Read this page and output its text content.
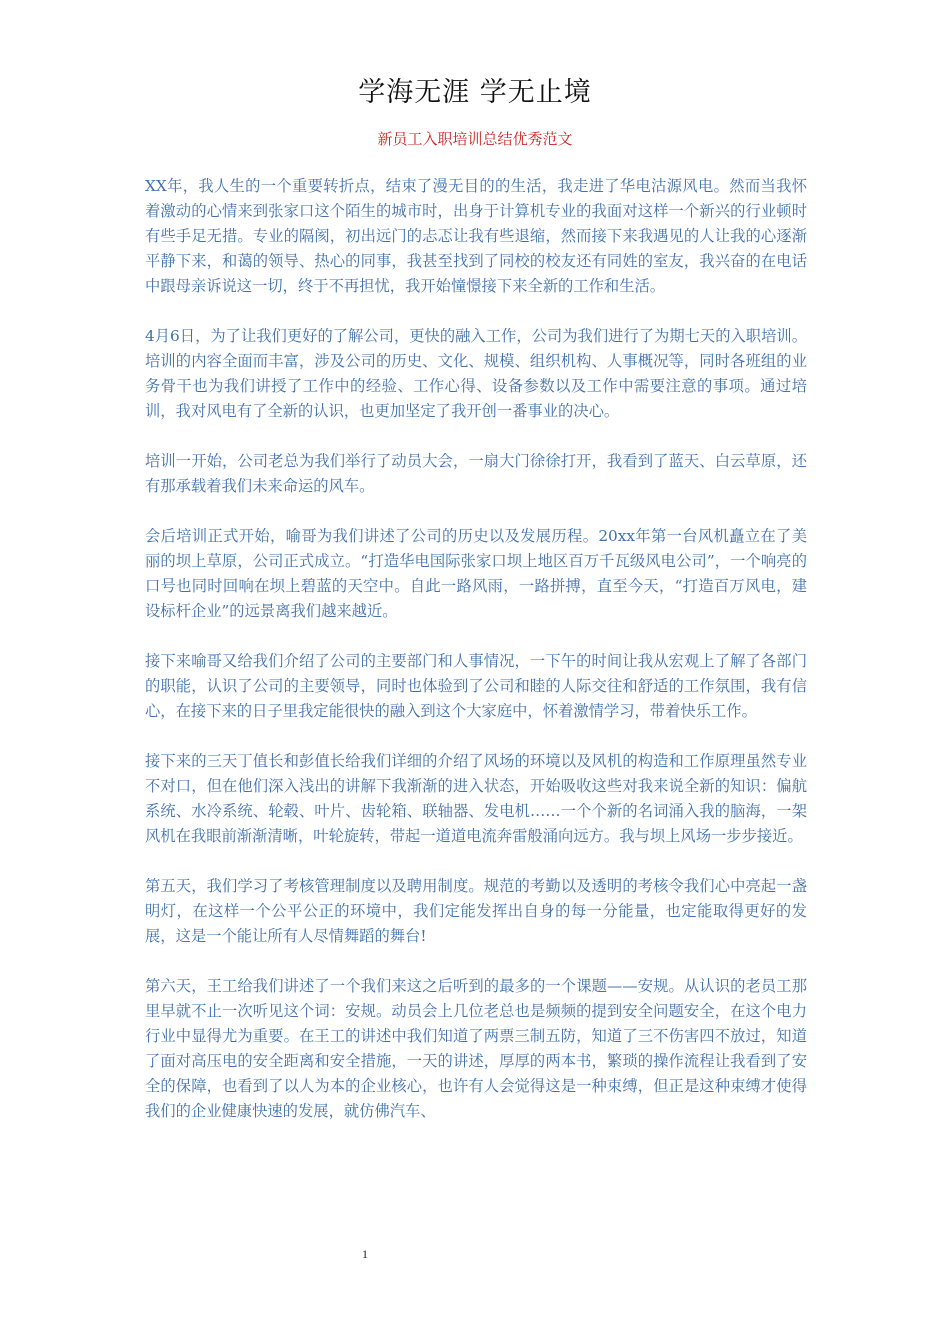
学海无涯 学无止境
新员工入职培训总结优秀范文

XX年，我人生的一个重要转折点，结束了漫无目的的生活，我走进了华电沽源风电。然而当我怀着激动的心情来到张家口这个陌生的城市时，出身于计算机专业的我面对这样一个新兴的行业顿时有些手足无措。专业的隔阂，初出远门的忐忑让我有些退缩，然而接下来我遇见的人让我的心逐渐平静下来，和蔼的领导、热心的同事，我甚至找到了同校的校友还有同姓的室友，我兴奋的在电话中跟母亲诉说这一切，终于不再担忧，我开始憧憬接下来全新的工作和生活。

4月6日，为了让我们更好的了解公司，更快的融入工作，公司为我们进行了为期七天的入职培训。培训的内容全面而丰富，涉及公司的历史、文化、规模、组织机构、人事概况等，同时各班组的业务骨干也为我们讲授了工作中的经验、工作心得、设备参数以及工作中需要注意的事项。通过培训，我对风电有了全新的认识，也更加坚定了我开创一番事业的决心。

培训一开始，公司老总为我们举行了动员大会，一扇大门徐徐打开，我看到了蓝天、白云草原，还有那承载着我们未来命运的风车。

会后培训正式开始，喻哥为我们讲述了公司的历史以及发展历程。20xx年第一台风机矗立在了美丽的坝上草原，公司正式成立。“打造华电国际张家口坝上地区百万千瓦级风电公司”，一个响亮的口号也同时回响在坝上碧蓝的天空中。自此一路风雨，一路拼搏，直至今天，“打造百万风电，建设标杆企业”的远景离我们越来越近。

接下来喻哥又给我们介绍了公司的主要部门和人事情况，一下午的时间让我从宏观上了解了各部门的职能，认识了公司的主要领导，同时也体验到了公司和睦的人际交往和舒适的工作氛围，我有信心，在接下来的日子里我定能很快的融入到这个大家庭中，怀着激情学习，带着快乐工作。

接下来的三天丁值长和彭值长给我们详细的介绍了风场的环境以及风机的构造和工作原理虽然专业不对口，但在他们深入浅出的讲解下我渐渐的进入状态，开始吸收这些对我来说全新的知识：偏航系统、水冷系统、轮毂、叶片、齿轮箱、联轴器、发电机……一个个新的名词涌入我的脑海，一架风机在我眼前渐渐清晰，叶轮旋转，带起一道道电流奔雷般涌向远方。我与坝上风场一步步接近。

第五天，我们学习了考核管理制度以及聘用制度。规范的考勤以及透明的考核令我们心中亮起一盏明灯，在这样一个公平公正的环境中，我们定能发挥出自身的每一分能量，也定能取得更好的发展，这是一个能让所有人尽情舞蹈的舞台!

第六天，王工给我们讲述了一个我们来这之后听到的最多的一个课题——安规。从认识的老员工那里早就不止一次听见这个词：安规。动员会上几位老总也是频频的提到安全问题安全，在这个电力行业中显得尤为重要。在王工的讲述中我们知道了两票三制五防，知道了三不伤害四不放过，知道了面对高压电的安全距离和安全措施，一天的讲述，厚厚的两本书，繁琐的操作流程让我看到了安全的保障，也看到了以人为本的企业核心，也许有人会觉得这是一种束缚，但正是这种束缚才使得我们的企业健康快速的发展，就仿佛汽车、

1
